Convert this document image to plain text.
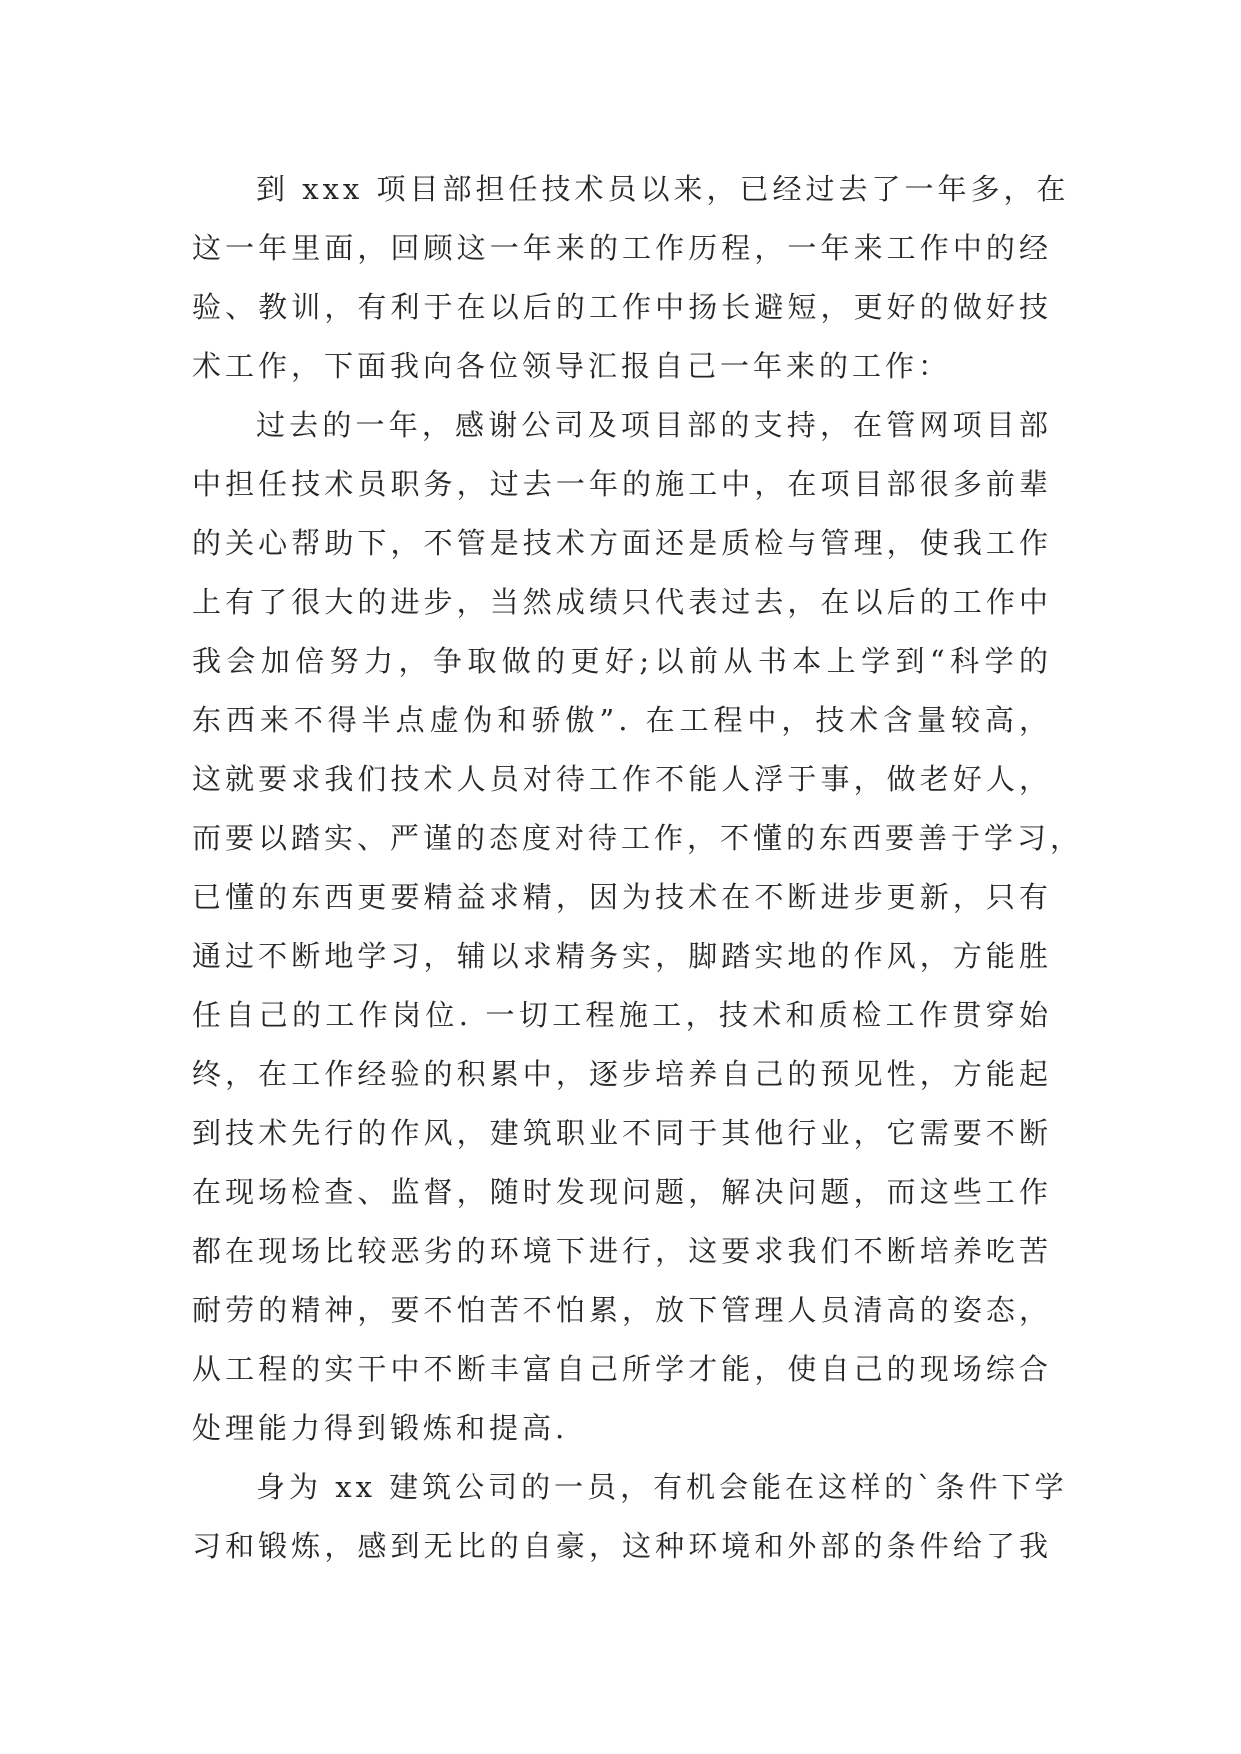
到 xxx 项目部担任技术员以来，已经过去了一年多，在
这一年里面，回顾这一年来的工作历程，一年来工作中的经
验、教训，有利于在以后的工作中扬长避短，更好的做好技
术工作，下面我向各位领导汇报自己一年来的工作：
过去的一年，感谢公司及项目部的支持，在管网项目部
中担任技术员职务，过去一年的施工中，在项目部很多前辈
的关心帮助下，不管是技术方面还是质检与管理，使我工作
上有了很大的进步，当然成绩只代表过去，在以后的工作中
我会加倍努力，争取做的更好;以前从书本上学到“科学的
东西来不得半点虚伪和骄傲”. 在工程中，技术含量较高，
这就要求我们技术人员对待工作不能人浮于事，做老好人，
而要以踏实、严谨的态度对待工作，不懂的东西要善于学习，
已懂的东西更要精益求精，因为技术在不断进步更新，只有
通过不断地学习，辅以求精务实，脚踏实地的作风，方能胜
任自己的工作岗位. 一切工程施工，技术和质检工作贯穿始
终，在工作经验的积累中，逐步培养自己的预见性，方能起
到技术先行的作风，建筑职业不同于其他行业，它需要不断
在现场检查、监督，随时发现问题，解决问题，而这些工作
都在现场比较恶劣的环境下进行，这要求我们不断培养吃苦
耐劳的精神，要不怕苦不怕累，放下管理人员清高的姿态，
从工程的实干中不断丰富自己所学才能，使自己的现场综合
处理能力得到锻炼和提高.
身为 xx 建筑公司的一员，有机会能在这样的`条件下学
习和锻炼，感到无比的自豪，这种环境和外部的条件给了我
